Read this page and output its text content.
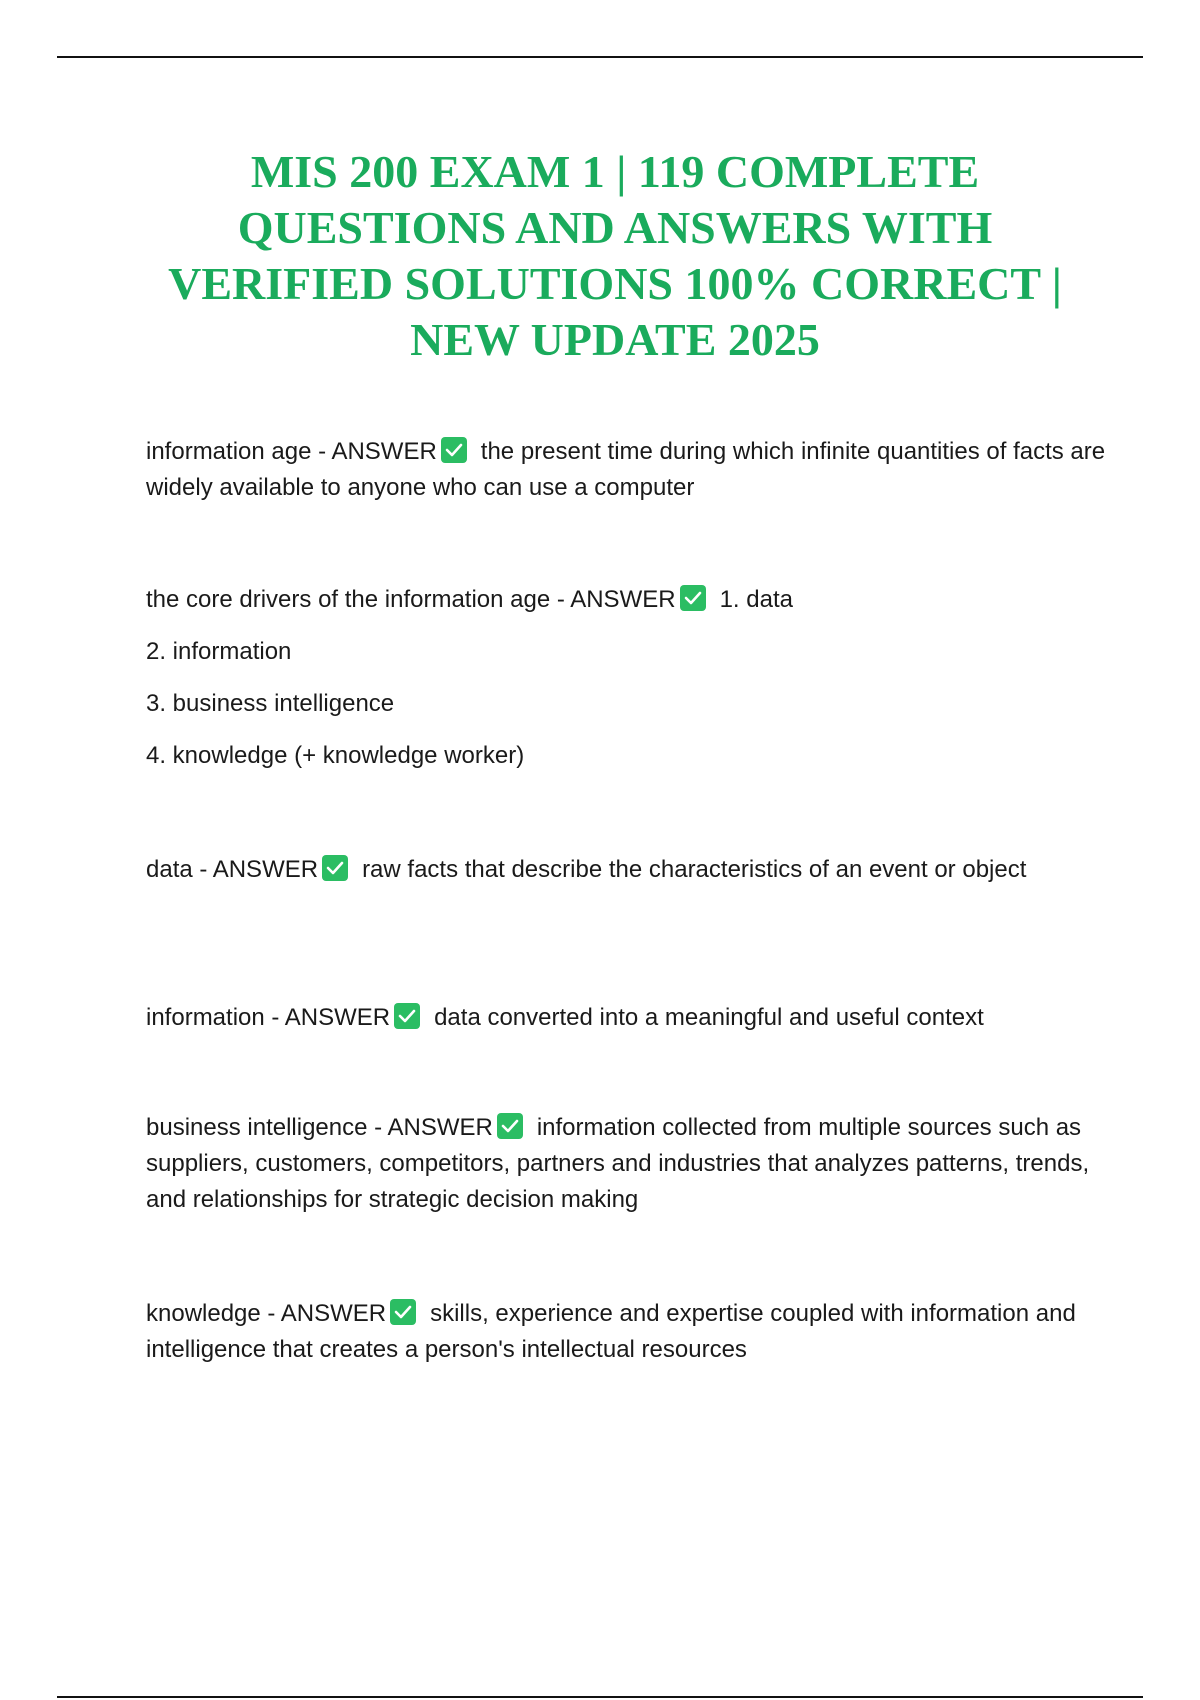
MIS 200 EXAM 1 | 119 COMPLETE
QUESTIONS AND ANSWERS WITH
VERIFIED SOLUTIONS 100% CORRECT |
NEW UPDATE 2025

information age - ANSWER the present time during which infinite quantities of facts are widely available to anyone who can use a computer

the core drivers of the information age - ANSWER 1. data

2. information
3. business intelligence
4. knowledge (+ knowledge worker)

data - ANSWER raw facts that describe the characteristics of an event or object

information - ANSWER data converted into a meaningful and useful context

business intelligence - ANSWER information collected from multiple sources such as suppliers, customers, competitors, partners and industries that analyzes patterns, trends, and relationships for strategic decision making

knowledge - ANSWER skills, experience and expertise coupled with information and intelligence that creates a person's intellectual resources
